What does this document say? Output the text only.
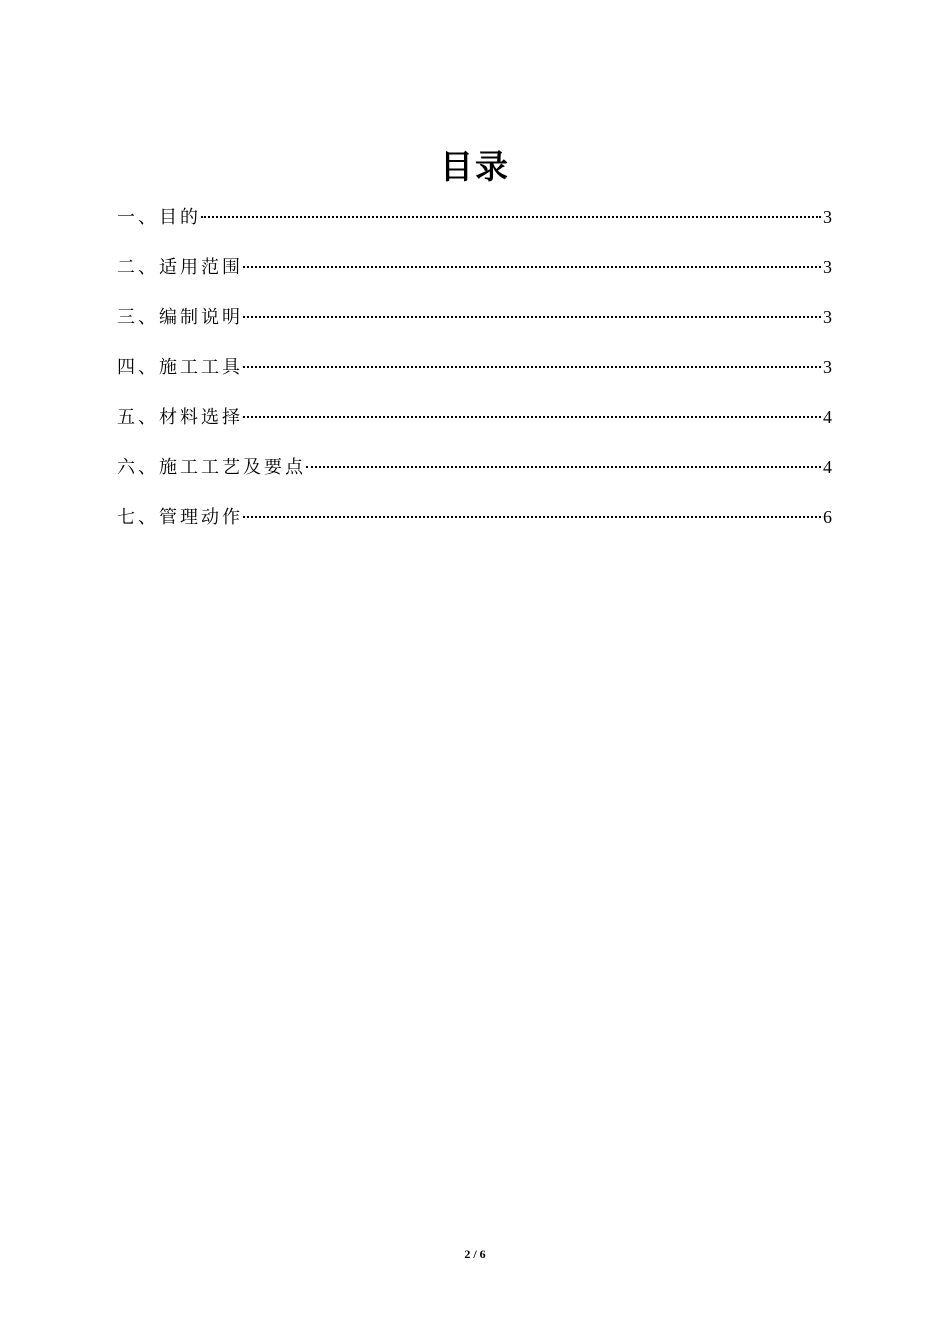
目录
一、目的	3
二、适用范围	3
三、编制说明	3
四、施工工具	3
五、材料选择	4
六、施工工艺及要点	4
七、管理动作	6
2 / 6
